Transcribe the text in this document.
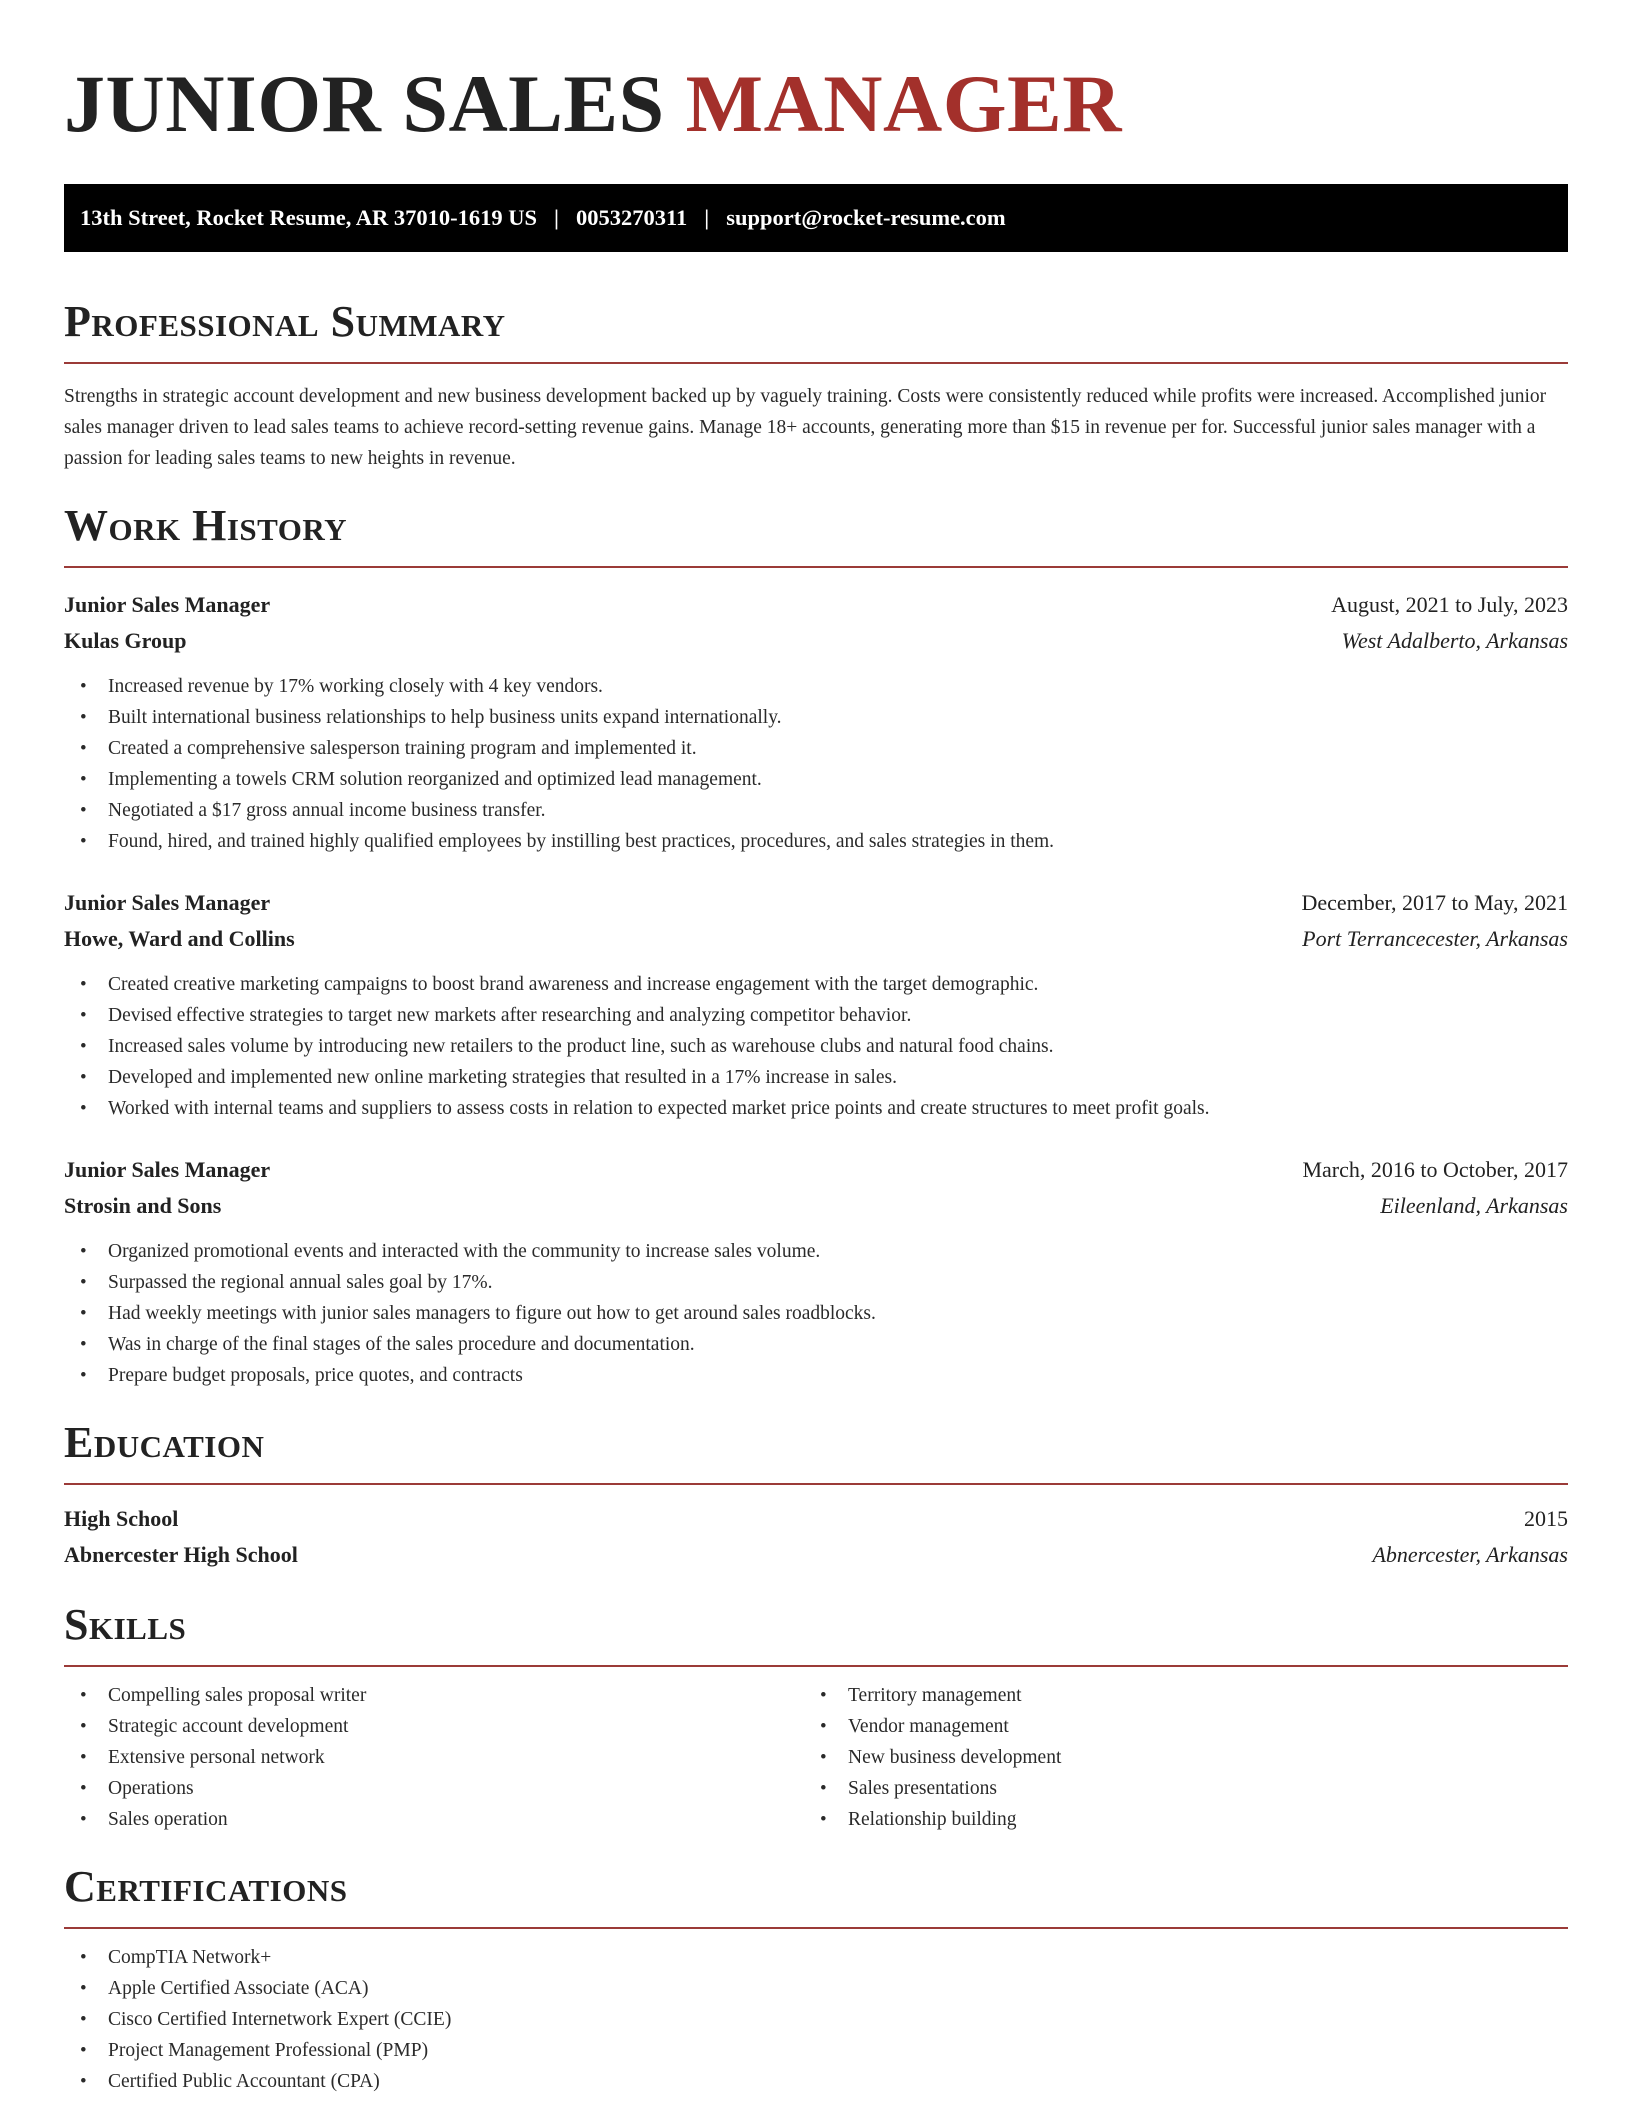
JUNIOR SALES MANAGER
13th Street, Rocket Resume, AR 37010-1619 US | 0053270311 | support@rocket-resume.com
Professional Summary

Strengths in strategic account development and new business development backed up by vaguely training. Costs were consistently reduced while profits were increased. Accomplished junior sales manager driven to lead sales teams to achieve record-setting revenue gains. Manage 18+ accounts, generating more than $15 in revenue per for. Successful junior sales manager with a passion for leading sales teams to new heights in revenue.

Work History
Junior Sales Manager	August, 2021 to July, 2023
Kulas Group	West Adalberto, Arkansas
• Increased revenue by 17% working closely with 4 key vendors.
• Built international business relationships to help business units expand internationally.
• Created a comprehensive salesperson training program and implemented it.
• Implementing a towels CRM solution reorganized and optimized lead management.
• Negotiated a $17 gross annual income business transfer.
• Found, hired, and trained highly qualified employees by instilling best practices, procedures, and sales strategies in them.
Junior Sales Manager	December, 2017 to May, 2021
Howe, Ward and Collins	Port Terrancecester, Arkansas
• Created creative marketing campaigns to boost brand awareness and increase engagement with the target demographic.
• Devised effective strategies to target new markets after researching and analyzing competitor behavior.
• Increased sales volume by introducing new retailers to the product line, such as warehouse clubs and natural food chains.
• Developed and implemented new online marketing strategies that resulted in a 17% increase in sales.
• Worked with internal teams and suppliers to assess costs in relation to expected market price points and create structures to meet profit goals.
Junior Sales Manager	March, 2016 to October, 2017
Strosin and Sons	Eileenland, Arkansas
• Organized promotional events and interacted with the community to increase sales volume.
• Surpassed the regional annual sales goal by 17%.
• Had weekly meetings with junior sales managers to figure out how to get around sales roadblocks.
• Was in charge of the final stages of the sales procedure and documentation.
• Prepare budget proposals, price quotes, and contracts
Education
High School	2015
Abnercester High School	Abnercester, Arkansas
Skills
• Compelling sales proposal writer
• Strategic account development
• Extensive personal network
• Operations
• Sales operation
• Territory management
• Vendor management
• New business development
• Sales presentations
• Relationship building
Certifications
• CompTIA Network+
• Apple Certified Associate (ACA)
• Cisco Certified Internetwork Expert (CCIE)
• Project Management Professional (PMP)
• Certified Public Accountant (CPA)
